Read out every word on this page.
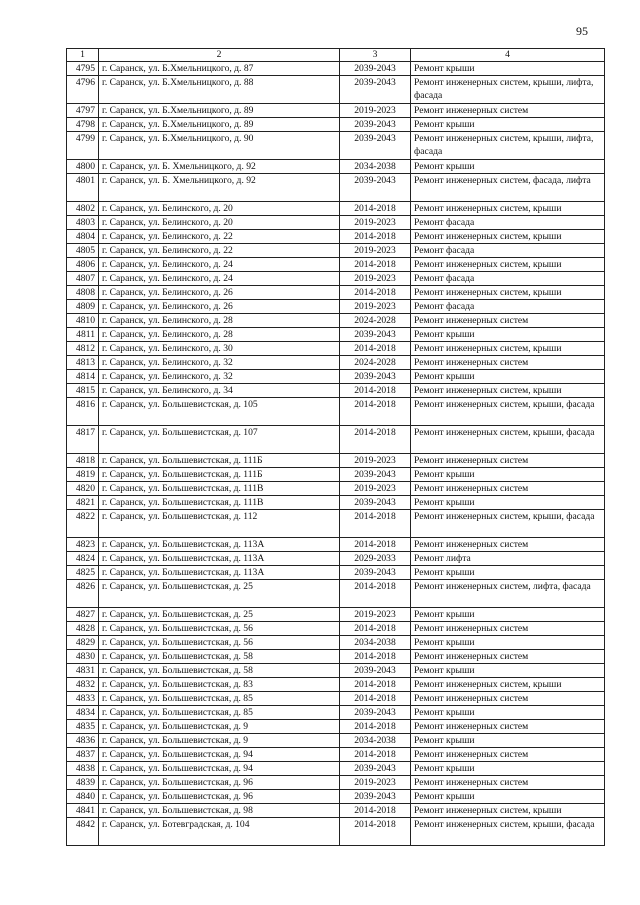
95
1	2	3	4
4795	г. Саранск, ул. Б.Хмельницкого, д. 87	2039-2043	Ремонт крыши
4796	г. Саранск, ул. Б.Хмельницкого, д. 88	2039-2043	Ремонт инженерных систем, крыши, лифта, фасада
4797	г. Саранск, ул. Б.Хмельницкого, д. 89	2019-2023	Ремонт инженерных систем
4798	г. Саранск, ул. Б.Хмельницкого, д. 89	2039-2043	Ремонт крыши
4799	г. Саранск, ул. Б.Хмельницкого, д. 90	2039-2043	Ремонт инженерных систем, крыши, лифта, фасада
4800	г. Саранск, ул. Б. Хмельницкого, д. 92	2034-2038	Ремонт крыши
4801	г. Саранск, ул. Б. Хмельницкого, д. 92	2039-2043	Ремонт инженерных систем, фасада, лифта
4802	г. Саранск, ул. Белинского, д. 20	2014-2018	Ремонт инженерных систем, крыши
4803	г. Саранск, ул. Белинского, д. 20	2019-2023	Ремонт фасада
4804	г. Саранск, ул. Белинского, д. 22	2014-2018	Ремонт инженерных систем, крыши
4805	г. Саранск, ул. Белинского, д. 22	2019-2023	Ремонт фасада
4806	г. Саранск, ул. Белинского, д. 24	2014-2018	Ремонт инженерных систем, крыши
4807	г. Саранск, ул. Белинского, д. 24	2019-2023	Ремонт фасада
4808	г. Саранск, ул. Белинского, д. 26	2014-2018	Ремонт инженерных систем, крыши
4809	г. Саранск, ул. Белинского, д. 26	2019-2023	Ремонт фасада
4810	г. Саранск, ул. Белинского, д. 28	2024-2028	Ремонт инженерных систем
4811	г. Саранск, ул. Белинского, д. 28	2039-2043	Ремонт крыши
4812	г. Саранск, ул. Белинского, д. 30	2014-2018	Ремонт инженерных систем, крыши
4813	г. Саранск, ул. Белинского, д. 32	2024-2028	Ремонт инженерных систем
4814	г. Саранск, ул. Белинского, д. 32	2039-2043	Ремонт крыши
4815	г. Саранск, ул. Белинского, д. 34	2014-2018	Ремонт инженерных систем, крыши
4816	г. Саранск, ул. Большевистская, д. 105	2014-2018	Ремонт инженерных систем, крыши, фасада
4817	г. Саранск, ул. Большевистская, д. 107	2014-2018	Ремонт инженерных систем, крыши, фасада
4818	г. Саранск, ул. Большевистская, д. 111Б	2019-2023	Ремонт инженерных систем
4819	г. Саранск, ул. Большевистская, д. 111Б	2039-2043	Ремонт крыши
4820	г. Саранск, ул. Большевистская, д. 111В	2019-2023	Ремонт инженерных систем
4821	г. Саранск, ул. Большевистская, д. 111В	2039-2043	Ремонт крыши
4822	г. Саранск, ул. Большевистская, д. 112	2014-2018	Ремонт инженерных систем, крыши, фасада
4823	г. Саранск, ул. Большевистская, д. 113А	2014-2018	Ремонт инженерных систем
4824	г. Саранск, ул. Большевистская, д. 113А	2029-2033	Ремонт лифта
4825	г. Саранск, ул. Большевистская, д. 113А	2039-2043	Ремонт крыши
4826	г. Саранск, ул. Большевистская, д. 25	2014-2018	Ремонт инженерных систем, лифта, фасада
4827	г. Саранск, ул. Большевистская, д. 25	2019-2023	Ремонт крыши
4828	г. Саранск, ул. Большевистская, д. 56	2014-2018	Ремонт инженерных систем
4829	г. Саранск, ул. Большевистская, д. 56	2034-2038	Ремонт крыши
4830	г. Саранск, ул. Большевистская, д. 58	2014-2018	Ремонт инженерных систем
4831	г. Саранск, ул. Большевистская, д. 58	2039-2043	Ремонт крыши
4832	г. Саранск, ул. Большевистская, д. 83	2014-2018	Ремонт инженерных систем, крыши
4833	г. Саранск, ул. Большевистская, д. 85	2014-2018	Ремонт инженерных систем
4834	г. Саранск, ул. Большевистская, д. 85	2039-2043	Ремонт крыши
4835	г. Саранск, ул. Большевистская, д. 9	2014-2018	Ремонт инженерных систем
4836	г. Саранск, ул. Большевистская, д. 9	2034-2038	Ремонт крыши
4837	г. Саранск, ул. Большевистская, д. 94	2014-2018	Ремонт инженерных систем
4838	г. Саранск, ул. Большевистская, д. 94	2039-2043	Ремонт крыши
4839	г. Саранск, ул. Большевистская, д. 96	2019-2023	Ремонт инженерных систем
4840	г. Саранск, ул. Большевистская, д. 96	2039-2043	Ремонт крыши
4841	г. Саранск, ул. Большевистская, д. 98	2014-2018	Ремонт инженерных систем, крыши
4842	г. Саранск, ул. Ботевградская, д. 104	2014-2018	Ремонт инженерных систем, крыши, фасада
